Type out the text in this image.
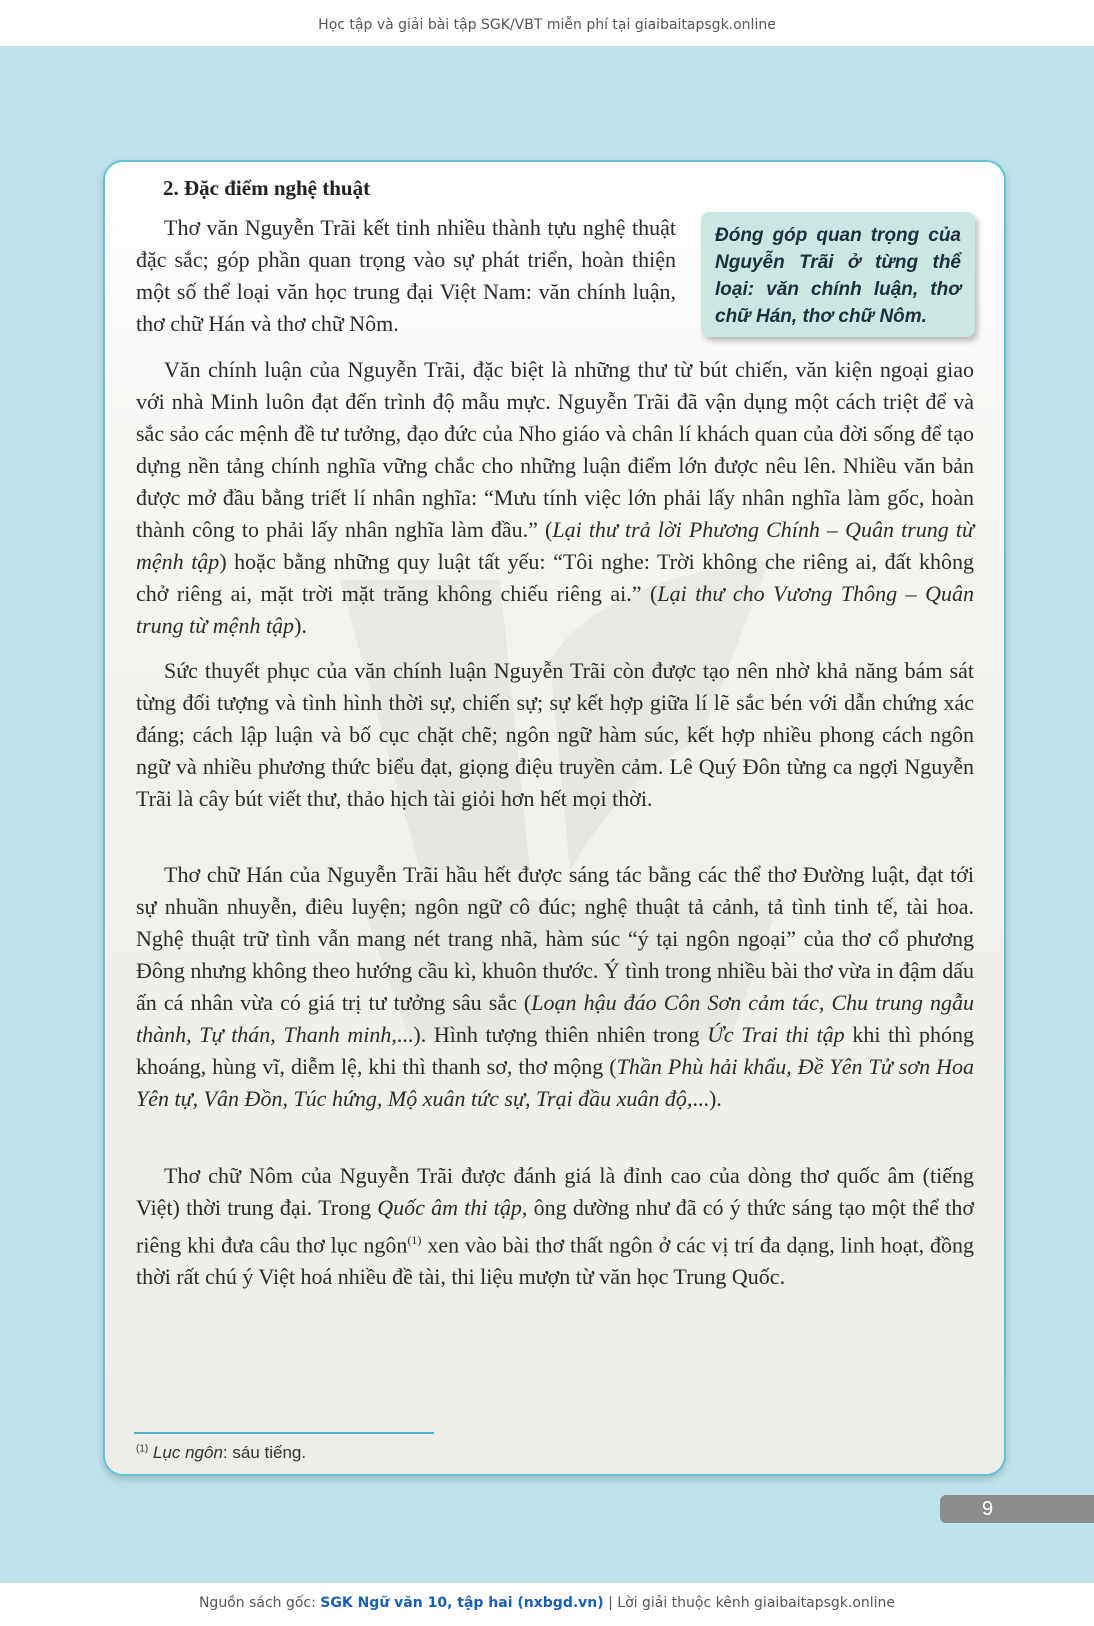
Học tập và giải bài tập SGK/VBT miễn phí tại giaibaitapsgk.online
2. Đặc điểm nghệ thuật

Thơ văn Nguyễn Trãi kết tinh nhiều thành tựu nghệ thuật đặc sắc; góp phần quan trọng vào sự phát triển, hoàn thiện một số thể loại văn học trung đại Việt Nam: văn chính luận, thơ chữ Hán và thơ chữ Nôm.

Đóng góp quan trọng của Nguyễn Trãi ở từng thể loại: văn chính luận, thơ chữ Hán, thơ chữ Nôm.

Văn chính luận của Nguyễn Trãi, đặc biệt là những thư từ bút chiến, văn kiện ngoại giao với nhà Minh luôn đạt đến trình độ mẫu mực. Nguyễn Trãi đã vận dụng một cách triệt để và sắc sảo các mệnh đề tư tưởng, đạo đức của Nho giáo và chân lí khách quan của đời sống để tạo dựng nền tảng chính nghĩa vững chắc cho những luận điểm lớn được nêu lên. Nhiều văn bản được mở đầu bằng triết lí nhân nghĩa: “Mưu tính việc lớn phải lấy nhân nghĩa làm gốc, hoàn thành công to phải lấy nhân nghĩa làm đầu.” (Lại thư trả lời Phương Chính – Quân trung từ mệnh tập) hoặc bằng những quy luật tất yếu: “Tôi nghe: Trời không che riêng ai, đất không chở riêng ai, mặt trời mặt trăng không chiếu riêng ai.” (Lại thư cho Vương Thông – Quân trung từ mệnh tập).

Sức thuyết phục của văn chính luận Nguyễn Trãi còn được tạo nên nhờ khả năng bám sát từng đối tượng và tình hình thời sự, chiến sự; sự kết hợp giữa lí lẽ sắc bén với dẫn chứng xác đáng; cách lập luận và bố cục chặt chẽ; ngôn ngữ hàm súc, kết hợp nhiều phong cách ngôn ngữ và nhiều phương thức biểu đạt, giọng điệu truyền cảm. Lê Quý Đôn từng ca ngợi Nguyễn Trãi là cây bút viết thư, thảo hịch tài giỏi hơn hết mọi thời.

Thơ chữ Hán của Nguyễn Trãi hầu hết được sáng tác bằng các thể thơ Đường luật, đạt tới sự nhuần nhuyễn, điêu luyện; ngôn ngữ cô đúc; nghệ thuật tả cảnh, tả tình tinh tế, tài hoa. Nghệ thuật trữ tình vẫn mang nét trang nhã, hàm súc “ý tại ngôn ngoại” của thơ cổ phương Đông nhưng không theo hướng cầu kì, khuôn thước. Ý tình trong nhiều bài thơ vừa in đậm dấu ấn cá nhân vừa có giá trị tư tưởng sâu sắc (Loạn hậu đáo Côn Sơn cảm tác, Chu trung ngẫu thành, Tự thán, Thanh minh,...). Hình tượng thiên nhiên trong Ức Trai thi tập khi thì phóng khoáng, hùng vĩ, diễm lệ, khi thì thanh sơ, thơ mộng (Thần Phù hải khẩu, Đề Yên Tử sơn Hoa Yên tự, Vân Đồn, Túc hứng, Mộ xuân tức sự, Trại đầu xuân độ,...).

Thơ chữ Nôm của Nguyễn Trãi được đánh giá là đỉnh cao của dòng thơ quốc âm (tiếng Việt) thời trung đại. Trong Quốc âm thi tập, ông dường như đã có ý thức sáng tạo một thể thơ riêng khi đưa câu thơ lục ngôn$^{(1)}$ xen vào bài thơ thất ngôn ở các vị trí đa dạng, linh hoạt, đồng thời rất chú ý Việt hoá nhiều đề tài, thi liệu mượn từ văn học Trung Quốc.

$^{(1)}$ Lục ngôn: sáu tiếng.

9
Nguồn sách gốc: SGK Ngữ văn 10, tập hai (nxbgd.vn) | Lời giải thuộc kênh giaibaitapsgk.online
